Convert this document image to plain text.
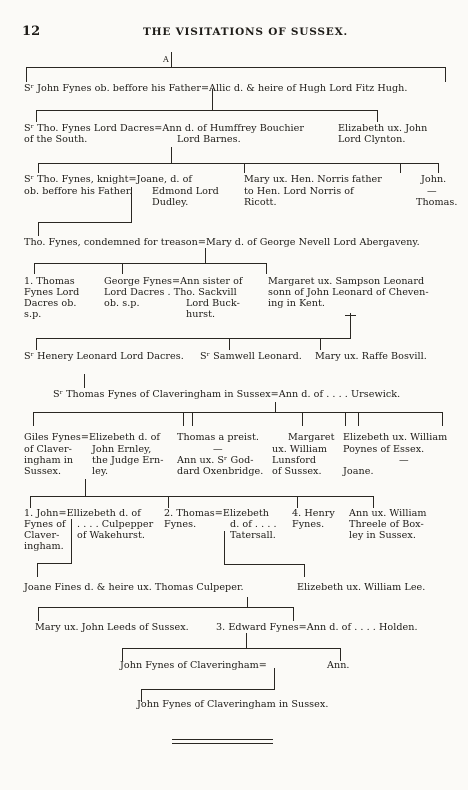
12	THE VISITATIONS OF SUSSEX.
A
Sʳ John Fynes ob. beffore his Father=Allic d. & heire of Hugh Lord Fitz Hugh.
Sʳ Tho. Fynes Lord Dacres=Ann d. of Humffrey Bouchier
of the South.	Lord Barnes.
Elizabeth ux. John
Lord Clynton.
Sʳ Tho. Fynes, knight=Joane, d. of
ob. beffore his Father. Edmond Lord
Dudley.
Mary ux. Hen. Norris father
to Hen. Lord Norris of
Ricott.
John.
—
Thomas.
Tho. Fynes, condemned for treason=Mary d. of George Nevell Lord Abergaveny.
1. Thomas
Fynes Lord
Dacres ob.
s.p.
George Fynes=Ann sister of
Lord Dacres . Tho. Sackvill
ob. s.p.	Lord Buck-
hurst.
Margaret ux. Sampson Leonard
sonn of John Leonard of Cheven-
ing in Kent.
Sʳ Henery Leonard Lord Dacres. Sʳ Samwell Leonard. Mary ux. Raffe Bosvill.
Sʳ Thomas Fynes of Claveringham in Sussex=Ann d. of . . . . Ursewick.
Giles Fynes=Elizebeth d. of
of Claver-
ingham in
Sussex.
John Ernley,
the Judge Ern-
ley.
Thomas a preist.
—
Ann ux. Sʳ God-
dard Oxenbridge.
Margaret
ux. William
Lunsford
of Sussex.
Elizebeth ux. William
Poynes of Essex.
—
Joane.
1. John=Ellizebeth d. of
Fynes of
Claver-
ingham.
. . . . Culpepper
of Wakehurst.
2. Thomas=Elizebeth
Fynes.	d. of . . . .
Tatersall.
4. Henry
Fynes.
Ann ux. William
Threele of Box-
ley in Sussex.
Joane Fines d. & heire ux. Thomas Culpeper.	Elizebeth ux. William Lee.
Mary ux. John Leeds of Sussex.	3. Edward Fynes=Ann d. of . . . . Holden.
John Fynes of Claveringham=	Ann.
John Fynes of Claveringham in Sussex.
